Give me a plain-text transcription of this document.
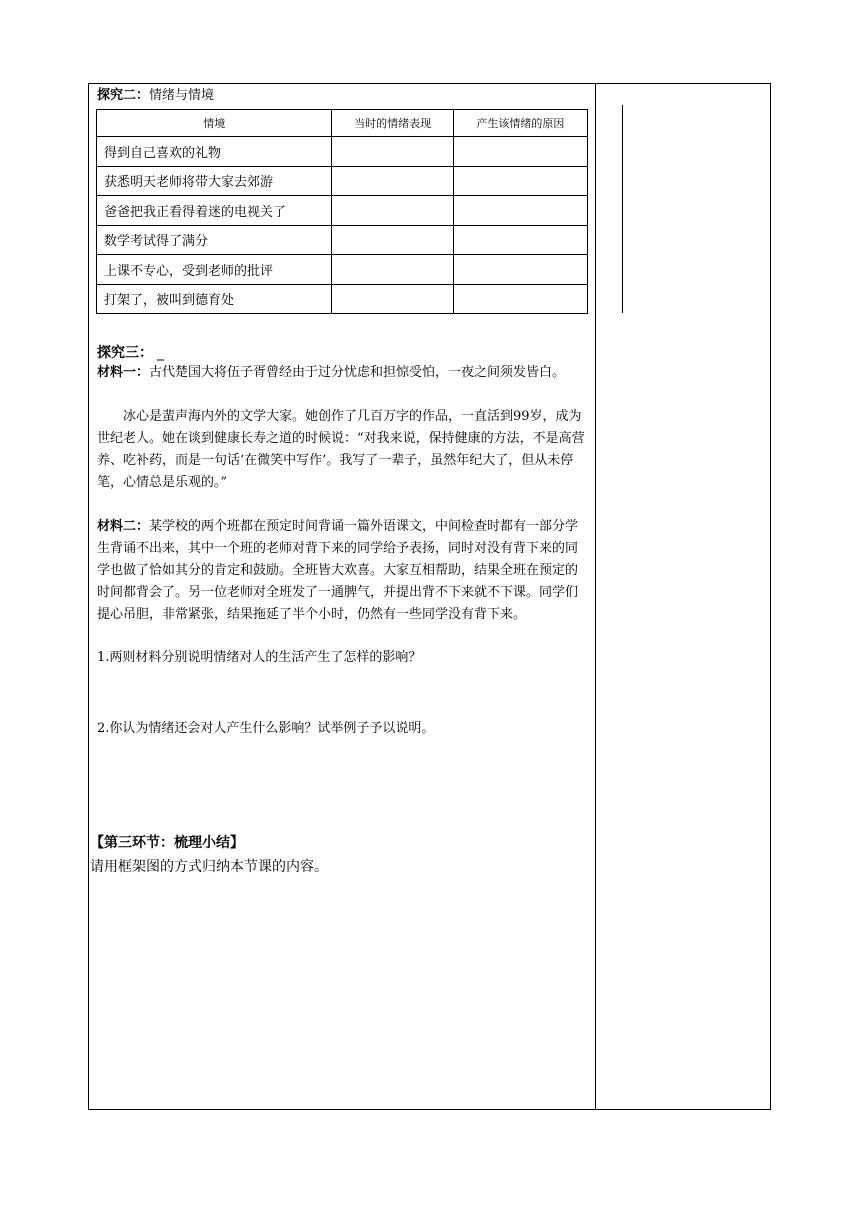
探究二：情绪与情境
情境	当时的情绪表现	产生该情绪的原因
得到自己喜欢的礼物		
获悉明天老师将带大家去郊游		
爸爸把我正看得着迷的电视关了		
数学考试得了满分		
上课不专心，受到老师的批评		
打架了，被叫到德育处		
探究三： _
材料一：古代楚国大将伍子胥曾经由于过分忧虑和担惊受怕，一夜之间须发皆白。
冰心是蜚声海内外的文学大家。她创作了几百万字的作品，一直活到99岁，成为世纪老人。她在谈到健康长寿之道的时候说：“对我来说，保持健康的方法，不是高营养、吃补药，而是一句话‘在微笑中写作’。我写了一辈子，虽然年纪大了，但从未停笔，心情总是乐观的。”
材料二：某学校的两个班都在预定时间背诵一篇外语课文，中间检查时都有一部分学生背诵不出来，其中一个班的老师对背下来的同学给予表扬，同时对没有背下来的同学也做了恰如其分的肯定和鼓励。全班皆大欢喜。大家互相帮助，结果全班在预定的时间都背会了。另一位老师对全班发了一通脾气，并提出背不下来就不下课。同学们提心吊胆，非常紧张，结果拖延了半个小时，仍然有一些同学没有背下来。
1.两则材料分别说明情绪对人的生活产生了怎样的影响？
2.你认为情绪还会对人产生什么影响？试举例子予以说明。
【第三环节：梳理小结】
请用框架图的方式归纳本节课的内容。
